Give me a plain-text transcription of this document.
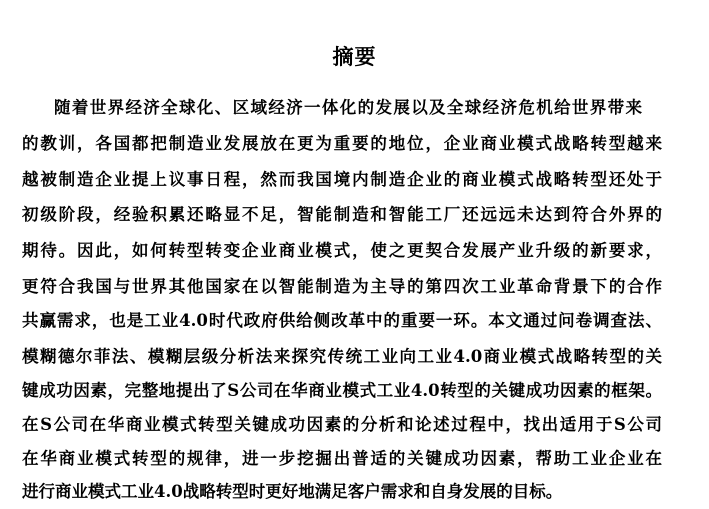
摘要
随着世界经济全球化、区域经济一体化的发展以及全球经济危机给世界带来
的教训，各国都把制造业发展放在更为重要的地位，企业商业模式战略转型越来
越被制造企业提上议事日程，然而我国境内制造企业的商业模式战略转型还处于
初级阶段，经验积累还略显不足，智能制造和智能工厂还远远未达到符合外界的
期待。因此，如何转型转变企业商业模式，使之更契合发展产业升级的新要求，
更符合我国与世界其他国家在以智能制造为主导的第四次工业革命背景下的合作
共赢需求，也是工业4.0时代政府供给侧改革中的重要一环。本文通过问卷调查法、
模糊德尔菲法、模糊层级分析法来探究传统工业向工业4.0商业模式战略转型的关
键成功因素，完整地提出了S公司在华商业模式工业4.0转型的关键成功因素的框架。
在S公司在华商业模式转型关键成功因素的分析和论述过程中，找出适用于S公司
在华商业模式转型的规律，进一步挖掘出普适的关键成功因素，帮助工业企业在
进行商业模式工业4.0战略转型时更好地满足客户需求和自身发展的目标。
